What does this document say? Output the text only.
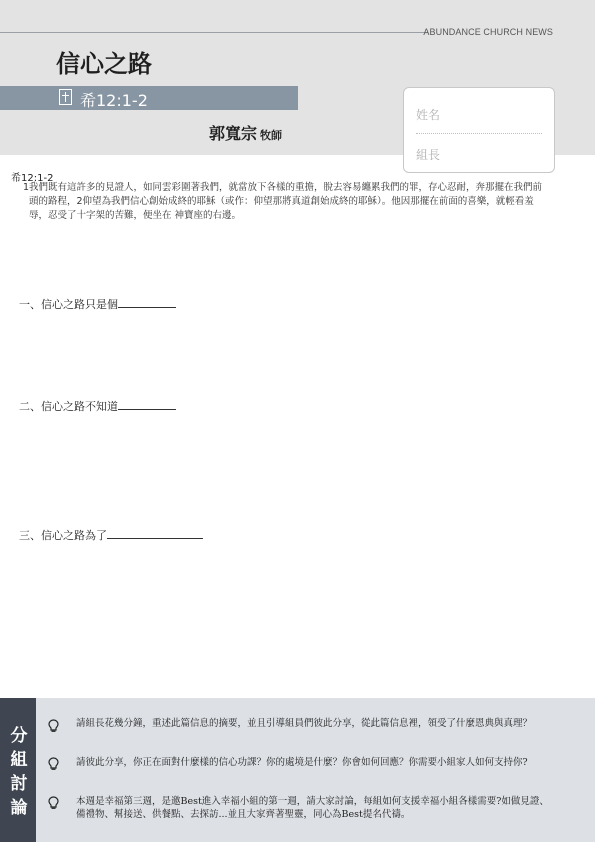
ABUNDANCE CHURCH NEWS
信心之路
希12:1-2
郭寬宗 牧師
姓名
組長
希12:1-2
1我們既有這許多的見證人，如同雲彩圍著我們，就當放下各樣的重擔，脫去容易纏累我們的罪，存心忍耐，奔那擺在我們前頭的路程，2仰望為我們信心創始成終的耶穌（或作：仰望那將真道創始成終的耶穌）。他因那擺在前面的喜樂，就輕看羞辱，忍受了十字架的苦難，便坐在 神寶座的右邊。
一、信心之路只是個
二、信心之路不知道
三、信心之路為了
分
組
討
論
請組長花幾分鐘，重述此篇信息的摘要，並且引導組員們彼此分享，從此篇信息裡，領受了什麼恩典與真理？
請彼此分享，你正在面對什麼樣的信心功課？你的處境是什麼？你會如何回應？你需要小組家人如何支持你?
本週是幸福第三週，是邀Best進入幸福小組的第一週，請大家討論，每組如何支援幸福小組各樣需要?如做見證、備禮物、幫接送、供餐點、去探訪...並且大家齊著聖靈，同心為Best提名代禱。
